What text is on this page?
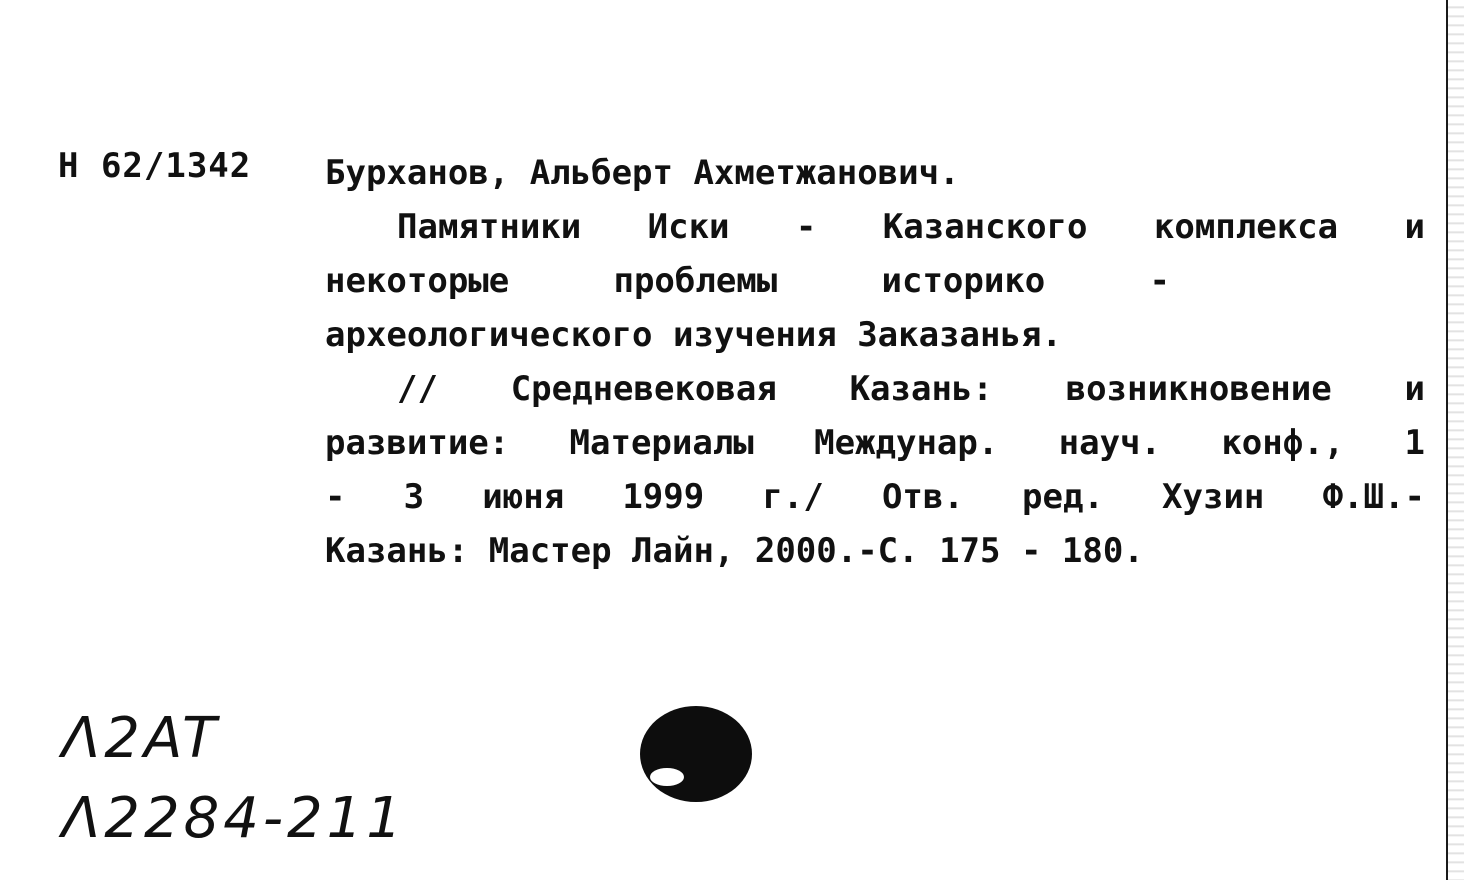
Н 62/1342 Бурханов, Альберт Ахметжанович.
Памятники Иски - Казанского комплекса и
некоторые	проблемы	историко	-
археологического изучения Заказанья.
// Средневековая Казань: возникновение и
развитие: Материалы Междунар. науч. конф., 1
- 3 июня 1999 г./ Отв. ред. Хузин Ф.Ш.-
Казань: Мастер Лайн, 2000.-С. 175 - 180.
Λ2AT
Λ2284-211
